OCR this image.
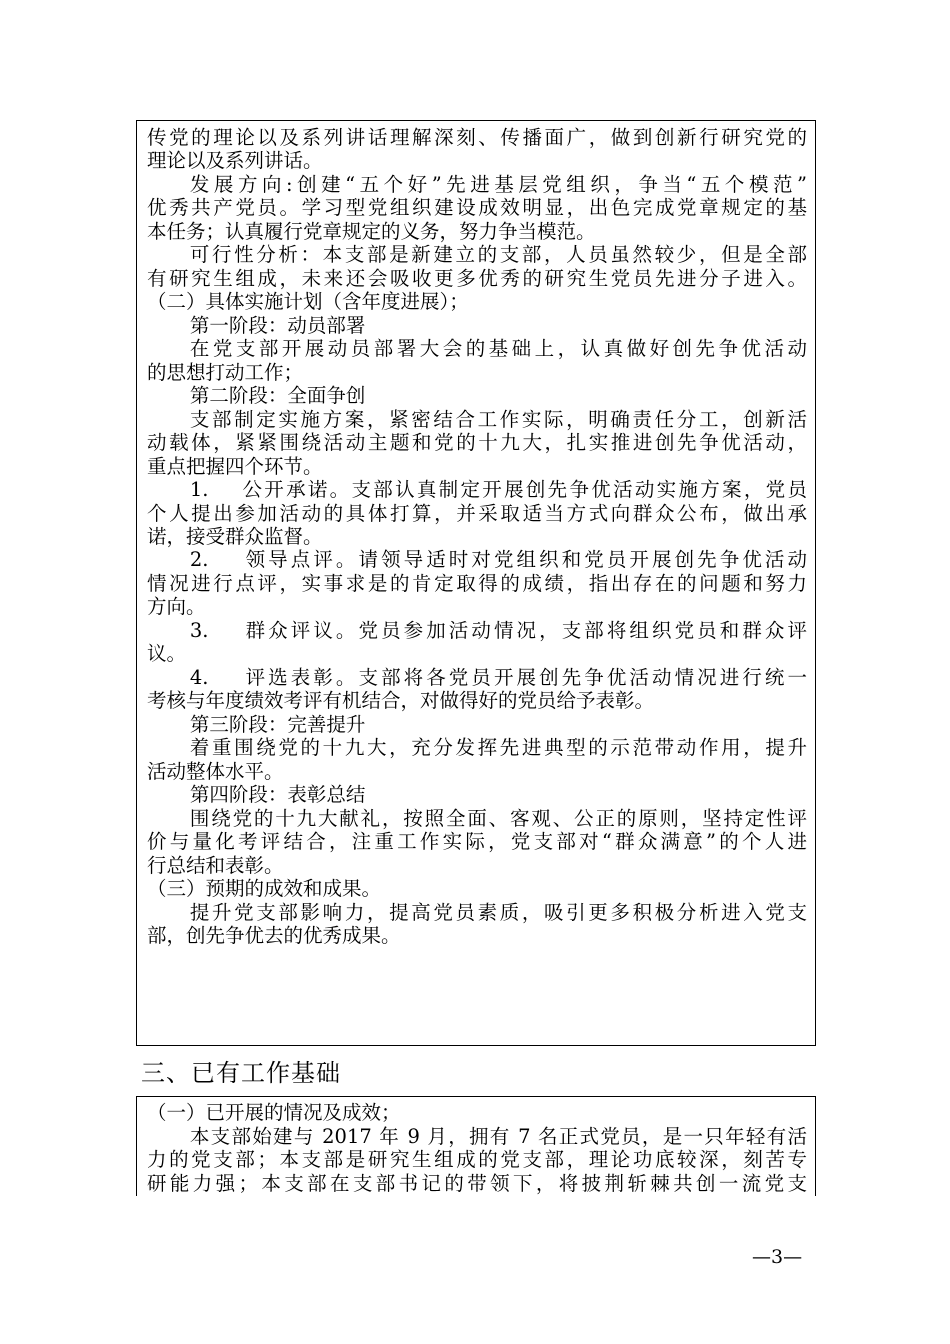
传党的理论以及系列讲话理解深刻、传播面广，做到创新行研究党的
理论以及系列讲话。
发展方向:创建“五个好”先进基层党组织，争当“五个模范”
优秀共产党员。学习型党组织建设成效明显，出色完成党章规定的基
本任务；认真履行党章规定的义务，努力争当模范。
可行性分析：本支部是新建立的支部，人员虽然较少，但是全部
有研究生组成，未来还会吸收更多优秀的研究生党员先进分子进入。
（二）具体实施计划（含年度进展）；
第一阶段：动员部署
在党支部开展动员部署大会的基础上，认真做好创先争优活动
的思想打动工作；
第二阶段：全面争创
支部制定实施方案，紧密结合工作实际，明确责任分工，创新活
动载体，紧紧围绕活动主题和党的十九大，扎实推进创先争优活动，
重点把握四个环节。
1.    公开承诺。支部认真制定开展创先争优活动实施方案，党员
个人提出参加活动的具体打算，并采取适当方式向群众公布，做出承
诺，接受群众监督。
2.    领导点评。请领导适时对党组织和党员开展创先争优活动
情况进行点评，实事求是的肯定取得的成绩，指出存在的问题和努力
方向。
3.    群众评议。党员参加活动情况，支部将组织党员和群众评
议。
4.    评选表彰。支部将各党员开展创先争优活动情况进行统一
考核与年度绩效考评有机结合，对做得好的党员给予表彰。
第三阶段：完善提升
着重围绕党的十九大，充分发挥先进典型的示范带动作用，提升
活动整体水平。
第四阶段：表彰总结
围绕党的十九大献礼，按照全面、客观、公正的原则，坚持定性评
价与量化考评结合，注重工作实际，党支部对“群众满意”的个人进
行总结和表彰。
（三）预期的成效和成果。
提升党支部影响力，提高党员素质，吸引更多积极分析进入党支
部，创先争优去的优秀成果。
三、已有工作基础
（一）已开展的情况及成效；
本支部始建与 2017 年 9 月，拥有 7 名正式党员，是一只年轻有活
力的党支部；本支部是研究生组成的党支部，理论功底较深，刻苦专
研能力强；本支部在支部书记的带领下，将披荆斩棘共创一流党支
—3—
